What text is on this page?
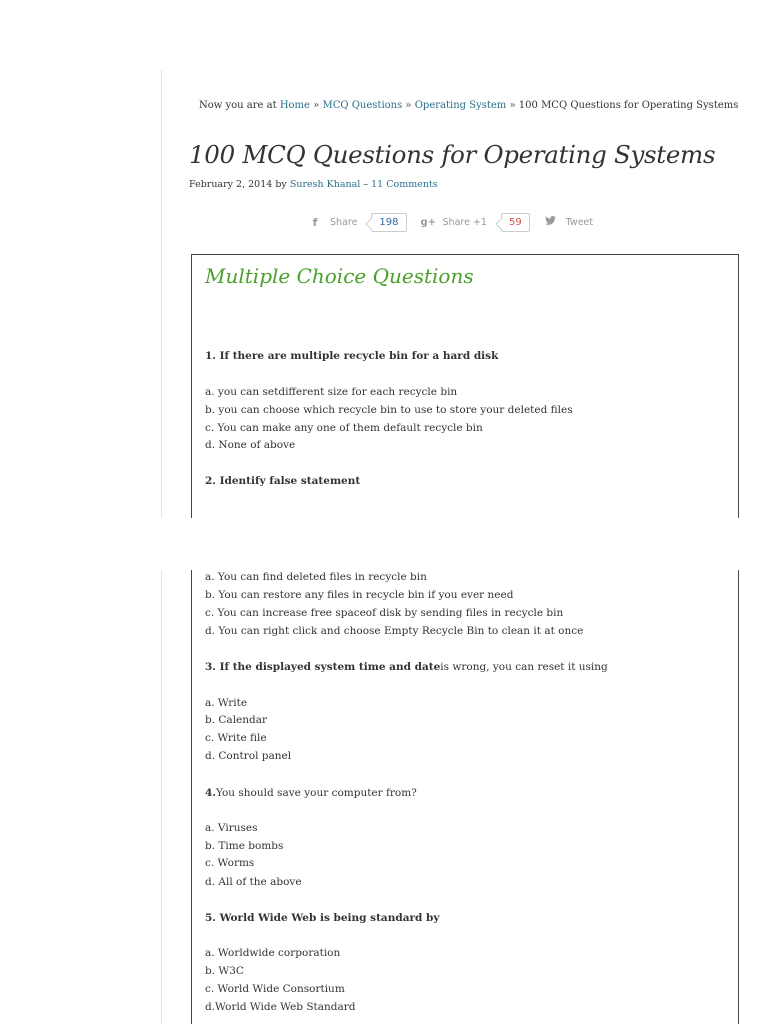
Now you are at Home » MCQ Questions » Operating System » 100 MCQ Questions for Operating Systems
100 MCQ Questions for Operating Systems
February 2, 2014 by Suresh Khanal – 11 Comments
f	Share	198	g+ Share +1	59	Tweet
Multiple Choice Questions
1. If there are multiple recycle bin for a hard disk
a. you can setdifferent size for each recycle bin
b. you can choose which recycle bin to use to store your deleted files
c. You can make any one of them default recycle bin
d. None of above
2. Identify false statement
a. You can find deleted files in recycle bin
b. You can restore any files in recycle bin if you ever need
c. You can increase free spaceof disk by sending files in recycle bin
d. You can right click and choose Empty Recycle Bin to clean it at once
3. If the displayed system time and dateis wrong, you can reset it using
a. Write
b. Calendar
c. Write file
d. Control panel
4.You should save your computer from?
a. Viruses
b. Time bombs
c. Worms
d. All of the above
5. World Wide Web is being standard by
a. Worldwide corporation
b. W3C
c. World Wide Consortium
d.World Wide Web Standard
